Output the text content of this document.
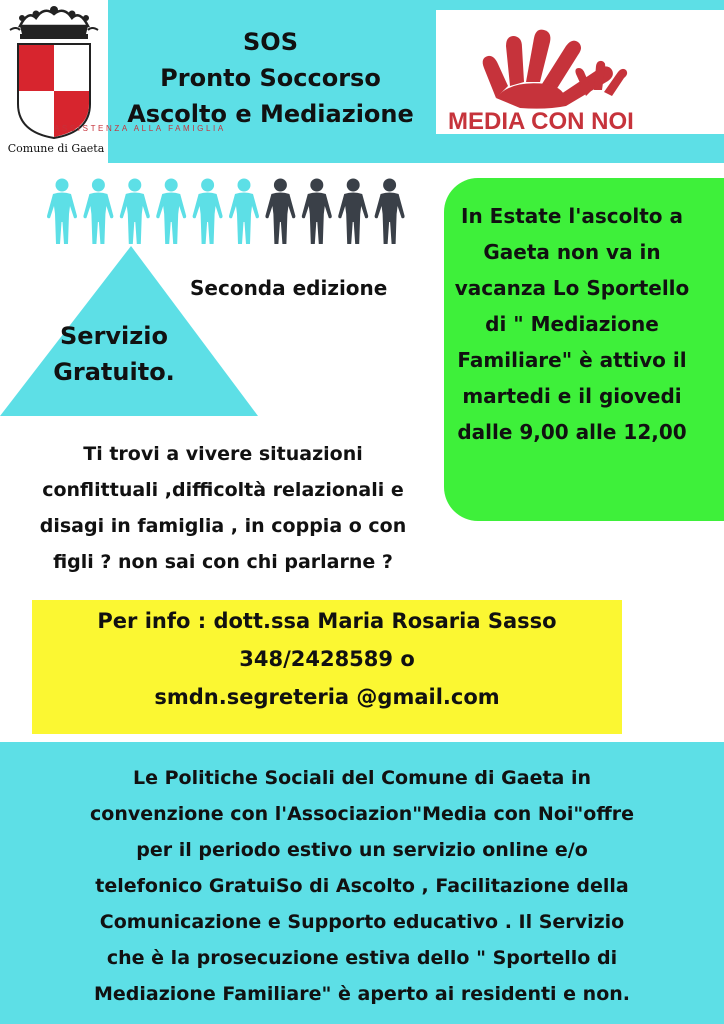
Comune di Gaeta
SOS
Pronto Soccorso
Ascolto e Mediazione	MEDIA CON NOI
ASSISTENZA ALLA FAMIGLIA
Servizio Gratuito.
Seconda edizione
In Estate l'ascolto a Gaeta non va in vacanza Lo Sportello di " Mediazione Familiare" è attivo il martedi e il giovedi dalle 9,00 alle 12,00
Ti trovi a vivere situazioni conflittuali ,difficoltà relazionali e disagi in famiglia , in coppia o con figli ? non sai con chi parlarne ?
Per info : dott.ssa Maria Rosaria Sasso
348/2428589 o
smdn.segreteria @gmail.com
Le Politiche Sociali del Comune di Gaeta in
convenzione con l'Associazion"Media con Noi"offre
per il periodo estivo un servizio online e/o
telefonico GratuiSo di Ascolto , Facilitazione della
Comunicazione e Supporto educativo . Il Servizio
che è la prosecuzione estiva dello " Sportello di
Mediazione Familiare" è aperto ai residenti e non.
